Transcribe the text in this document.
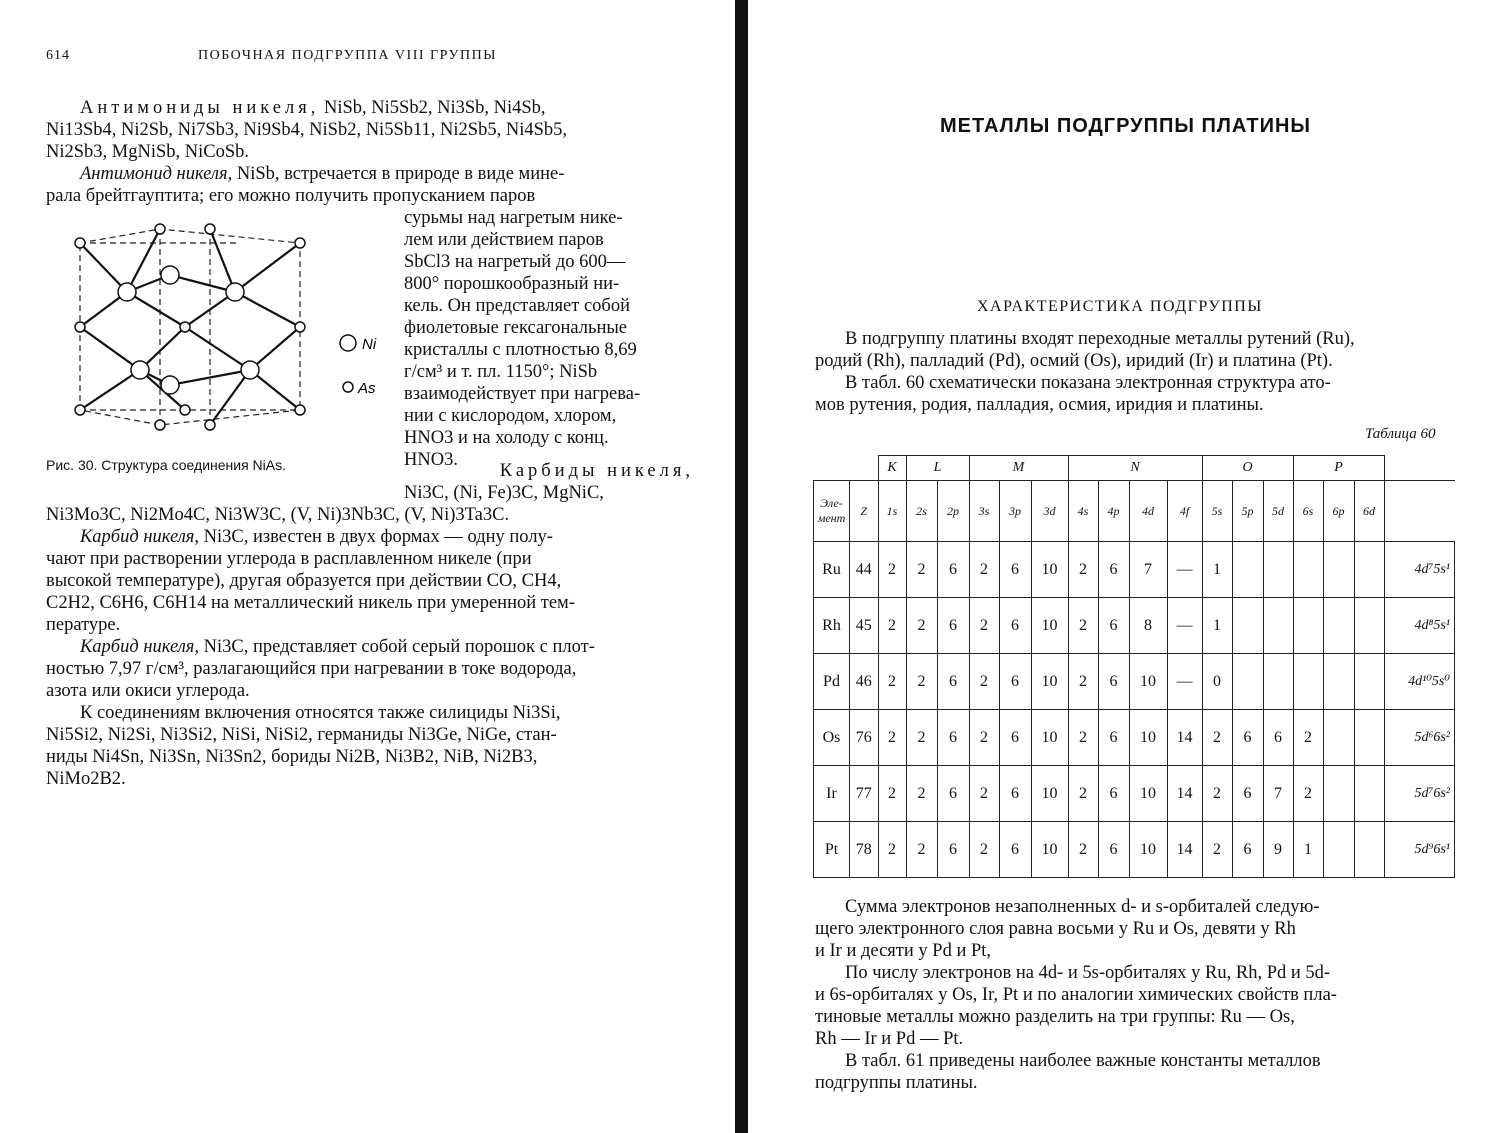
614	ПОБОЧНАЯ ПОДГРУППА VIII ГРУППЫ
Антимониды никеля, NiSb, Ni5Sb2, Ni3Sb, Ni4Sb,
Ni13Sb4, Ni2Sb, Ni7Sb3, Ni9Sb4, NiSb2, Ni5Sb11, Ni2Sb5, Ni4Sb5,
Ni2Sb3, MgNiSb, NiCoSb.
Антимонид никеля, NiSb, встречается в природе в виде мине-
рала брейтгауптита; его можно получить пропусканием паров
сурьмы над нагретым нике-
лем или действием паров
SbCl3 на нагретый до 600—
800° порошкообразный ни-
кель. Он представляет собой
фиолетовые гексагональные
кристаллы с плотностью 8,69
г/см³ и т. пл. 1150°; NiSb
взаимодействует при нагрева-
нии с кислородом, хлором,
HNO3 и на холоду с конц.
HNO3.
Ni
As
Рис. 30. Структура соединения NiAs.	Карбиды никеля,
Ni3C, (Ni, Fe)3C, MgNiC,
Ni3Mo3C, Ni2Mo4C, Ni3W3C, (V, Ni)3Nb3C, (V, Ni)3Ta3C.
Карбид никеля, Ni3C, известен в двух формах — одну полу-
чают при растворении углерода в расплавленном никеле (при
высокой температуре), другая образуется при действии CO, CH4,
C2H2, C6H6, C6H14 на металлический никель при умеренной тем-
пературе.
Карбид никеля, Ni3C, представляет собой серый порошок с плот-
ностью 7,97 г/см³, разлагающийся при нагревании в токе водорода,
азота или окиси углерода.
К соединениям включения относятся также силициды Ni3Si,
Ni5Si2, Ni2Si, Ni3Si2, NiSi, NiSi2, германиды Ni3Ge, NiGe, стан-
ниды Ni4Sn, Ni3Sn, Ni3Sn2, бориды Ni2B, Ni3B2, NiB, Ni2B3,
NiMo2B2.
МЕТАЛЛЫ ПОДГРУППЫ ПЛАТИНЫ
ХАРАКТЕРИСТИКА ПОДГРУППЫ
В подгруппу платины входят переходные металлы рутений (Ru),
родий (Rh), палладий (Pd), осмий (Os), иридий (Ir) и платина (Pt).
В табл. 60 схематически показана электронная структура ато-
мов рутения, родия, палладия, осмия, иридия и платины.
Таблица 60
		K	L		M			N				O			P			
Эле-мент	Z	1s	2s	2p	3s	3p	3d	4s	4p	4d	4f	5s	5p	5d	6s	6p	6d	
Ru	44	2	2	6	2	6	10	2	6	7	—	1						4d⁷5s¹
Rh	45	2	2	6	2	6	10	2	6	8	—	1						4d⁸5s¹
Pd	46	2	2	6	2	6	10	2	6	10	—	0						4d¹⁰5s⁰
Os	76	2	2	6	2	6	10	2	6	10	14	2	6	6	2			5d⁶6s²
Ir	77	2	2	6	2	6	10	2	6	10	14	2	6	7	2			5d⁷6s²
Pt	78	2	2	6	2	6	10	2	6	10	14	2	6	9	1			5d⁹6s¹
Сумма электронов незаполненных d- и s-орбиталей следую-
щего электронного слоя равна восьми у Ru и Os, девяти у Rh
и Ir и десяти у Pd и Pt,
По числу электронов на 4d- и 5s-орбиталях у Ru, Rh, Pd и 5d-
и 6s-орбиталях у Os, Ir, Pt и по аналогии химических свойств пла-
тиновые металлы можно разделить на три группы: Ru — Os,
Rh — Ir и Pd — Pt.
В табл. 61 приведены наиболее важные константы металлов
подгруппы платины.
